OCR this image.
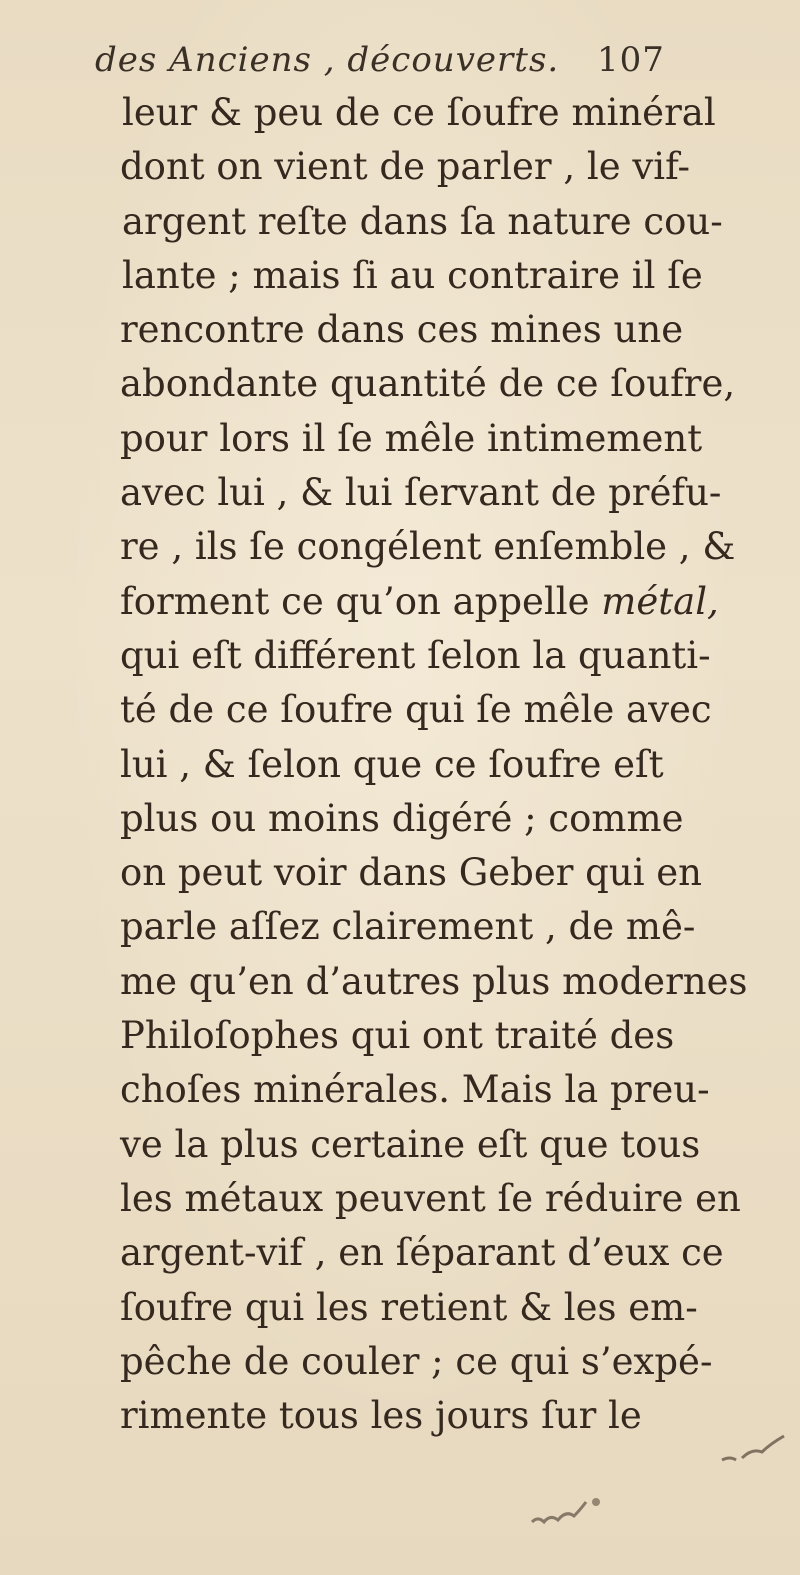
des Anciens , découverts. 107
leur & peu de ce ſoufre minéral
dont on vient de parler , le vif-
argent reſte dans ſa nature cou-
lante ; mais ſi au contraire il ſe
rencontre dans ces mines une
abondante quantité de ce ſoufre,
pour lors il ſe mêle intimement
avec lui , & lui ſervant de préfu-
re , ils ſe congélent enſemble , &
forment ce qu’on appelle métal,
qui eſt différent ſelon la quanti-
té de ce ſoufre qui ſe mêle avec
lui , & ſelon que ce ſoufre eſt
plus ou moins digéré ; comme
on peut voir dans Geber qui en
parle aſſez clairement , de mê-
me qu’en d’autres plus modernes
Philoſophes qui ont traité des
choſes minérales. Mais la preu-
ve la plus certaine eſt que tous
les métaux peuvent ſe réduire en
argent-vif , en ſéparant d’eux ce
ſoufre qui les retient & les em-
pêche de couler ; ce qui s’expé-
rimente tous les jours ſur le
